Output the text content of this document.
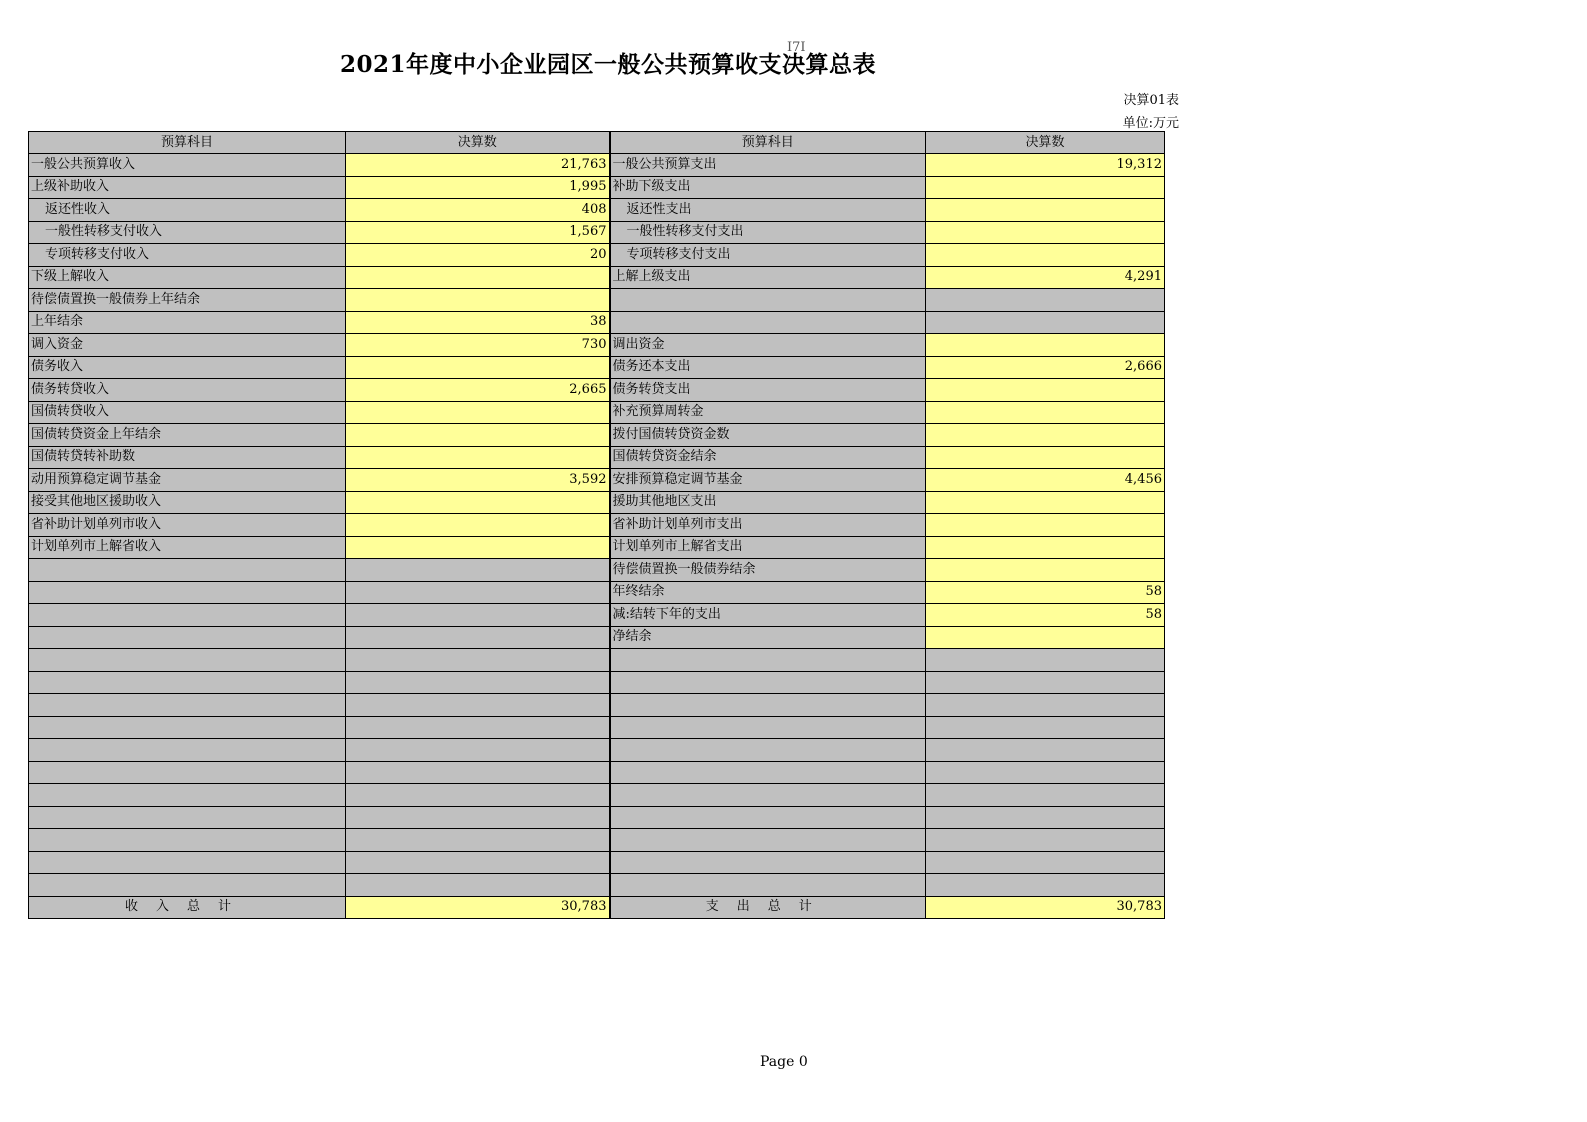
2021年度中小企业园区一般公共预算收支决算总表
I7I
决算01表
单位:万元
预算科目	决算数	预算科目	决算数
一般公共预算收入	21,763	一般公共预算支出	19,312
上级补助收入	1,995	补助下级支出	
返还性收入	408	返还性支出	
一般性转移支付收入	1,567	一般性转移支付支出	
专项转移支付收入	20	专项转移支付支出	
下级上解收入		上解上级支出	4,291
待偿债置换一般债券上年结余			
上年结余	38		
调入资金	730	调出资金	
债务收入		债务还本支出	2,666
债务转贷收入	2,665	债务转贷支出	
国债转贷收入		补充预算周转金	
国债转贷资金上年结余		拨付国债转贷资金数	
国债转贷转补助数		国债转贷资金结余	
动用预算稳定调节基金	3,592	安排预算稳定调节基金	4,456
接受其他地区援助收入		援助其他地区支出	
省补助计划单列市收入		省补助计划单列市支出	
计划单列市上解省收入		计划单列市上解省支出	
		待偿债置换一般债券结余	
		年终结余	58
		减:结转下年的支出	58
		净结余	

收入总计	30,783	支出总计	30,783
Page 0
